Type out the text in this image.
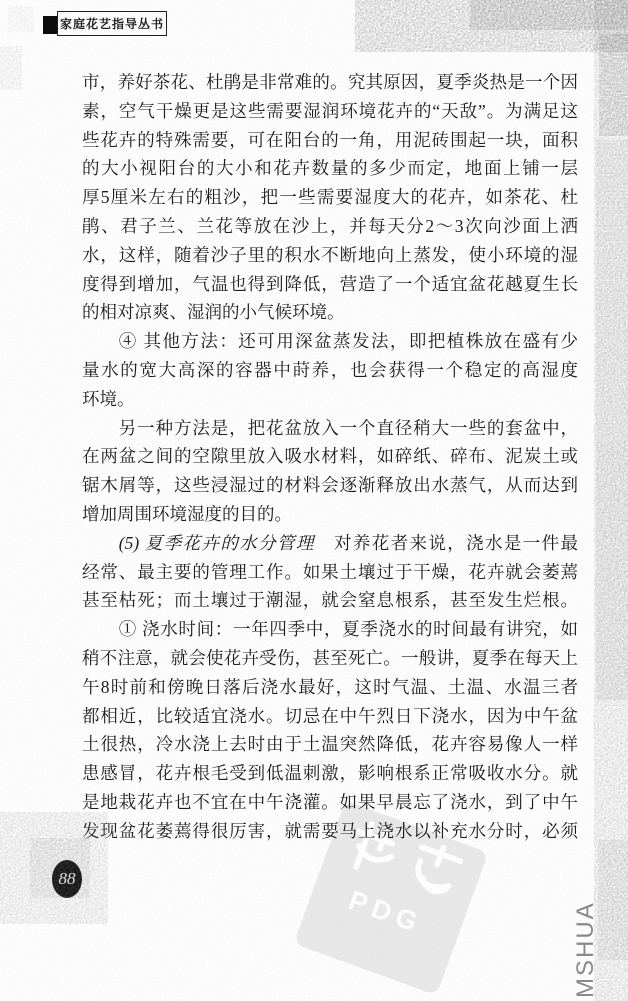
家庭花艺指导丛书
PDG
市，养好茶花、杜鹃是非常难的。究其原因，夏季炎热是一个因
素，空气干燥更是这些需要湿润环境花卉的“天敌”。为满足这
些花卉的特殊需要，可在阳台的一角，用泥砖围起一块，面积
的大小视阳台的大小和花卉数量的多少而定，地面上铺一层
厚5厘米左右的粗沙，把一些需要湿度大的花卉，如茶花、杜
鹃、君子兰、兰花等放在沙上，并每天分2～3次向沙面上洒
水，这样，随着沙子里的积水不断地向上蒸发，使小环境的湿
度得到增加，气温也得到降低，营造了一个适宜盆花越夏生长
的相对凉爽、湿润的小气候环境。
④ 其他方法：还可用深盆蒸发法，即把植株放在盛有少
量水的宽大高深的容器中莳养，也会获得一个稳定的高湿度
环境。
另一种方法是，把花盆放入一个直径稍大一些的套盆中，
在两盆之间的空隙里放入吸水材料，如碎纸、碎布、泥炭土或
锯木屑等，这些浸湿过的材料会逐渐释放出水蒸气，从而达到
增加周围环境湿度的目的。
(5) 夏季花卉的水分管理 对养花者来说，浇水是一件最
经常、最主要的管理工作。如果土壤过于干燥，花卉就会萎蔫
甚至枯死；而土壤过于潮湿，就会窒息根系，甚至发生烂根。
① 浇水时间：一年四季中，夏季浇水的时间最有讲究，如
稍不注意，就会使花卉受伤，甚至死亡。一般讲，夏季在每天上
午8时前和傍晚日落后浇水最好，这时气温、土温、水温三者
都相近，比较适宜浇水。切忌在中午烈日下浇水，因为中午盆
土很热，冷水浇上去时由于土温突然降低，花卉容易像人一样
患感冒，花卉根毛受到低温刺激，影响根系正常吸收水分。就
是地栽花卉也不宜在中午浇灌。如果早晨忘了浇水，到了中午
发现盆花萎蔫得很厉害，就需要马上浇水以补充水分时，必须
88
MSHUA
